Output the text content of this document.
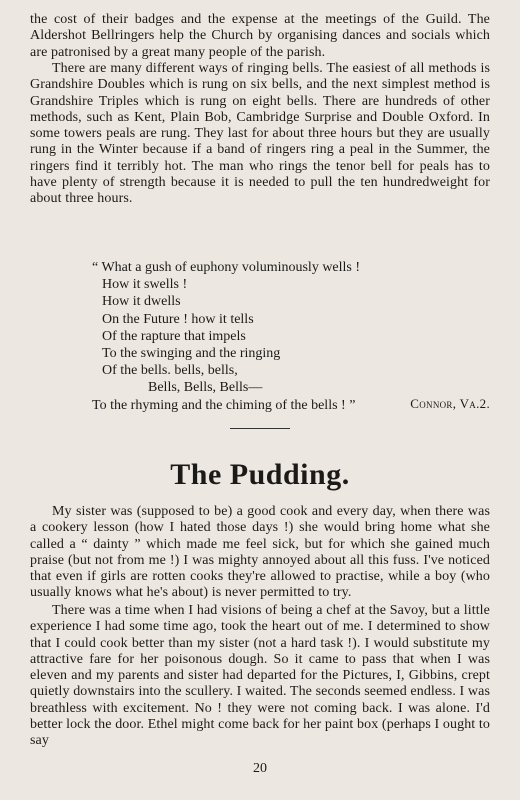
the cost of their badges and the expense at the meetings of the Guild. The Aldershot Bellringers help the Church by organising dances and socials which are patronised by a great many people of the parish.

There are many different ways of ringing bells. The easiest of all methods is Grandshire Doubles which is rung on six bells, and the next simplest method is Grandshire Triples which is rung on eight bells. There are hundreds of other methods, such as Kent, Plain Bob, Cambridge Surprise and Double Oxford. In some towers peals are rung. They last for about three hours but they are usually rung in the Winter because if a band of ringers ring a peal in the Summer, the ringers find it terribly hot. The man who rings the tenor bell for peals has to have plenty of strength because it is needed to pull the ten hundredweight for about three hours.

“ What a gush of euphony voluminously wells !
How it swells !
How it dwells
On the Future ! how it tells
Of the rapture that impels
To the swinging and the ringing
Of the bells. bells, bells,
Bells, Bells, Bells—
To the rhyming and the chiming of the bells ! ”	Connor, Va.2.
The Pudding.

My sister was (supposed to be) a good cook and every day, when there was a cookery lesson (how I hated those days !) she would bring home what she called a “ dainty ” which made me feel sick, but for which she gained much praise (but not from me !) I was mighty annoyed about all this fuss. I've noticed that even if girls are rotten cooks they're allowed to practise, while a boy (who usually knows what he's about) is never permitted to try.

There was a time when I had visions of being a chef at the Savoy, but a little experience I had some time ago, took the heart out of me. I determined to show that I could cook better than my sister (not a hard task !). I would substitute my attractive fare for her poisonous dough. So it came to pass that when I was eleven and my parents and sister had departed for the Pictures, I, Gibbins, crept quietly downstairs into the scullery. I waited. The seconds seemed endless. I was breathless with excitement. No ! they were not coming back. I was alone. I'd better lock the door. Ethel might come back for her paint box (perhaps I ought to say

20
